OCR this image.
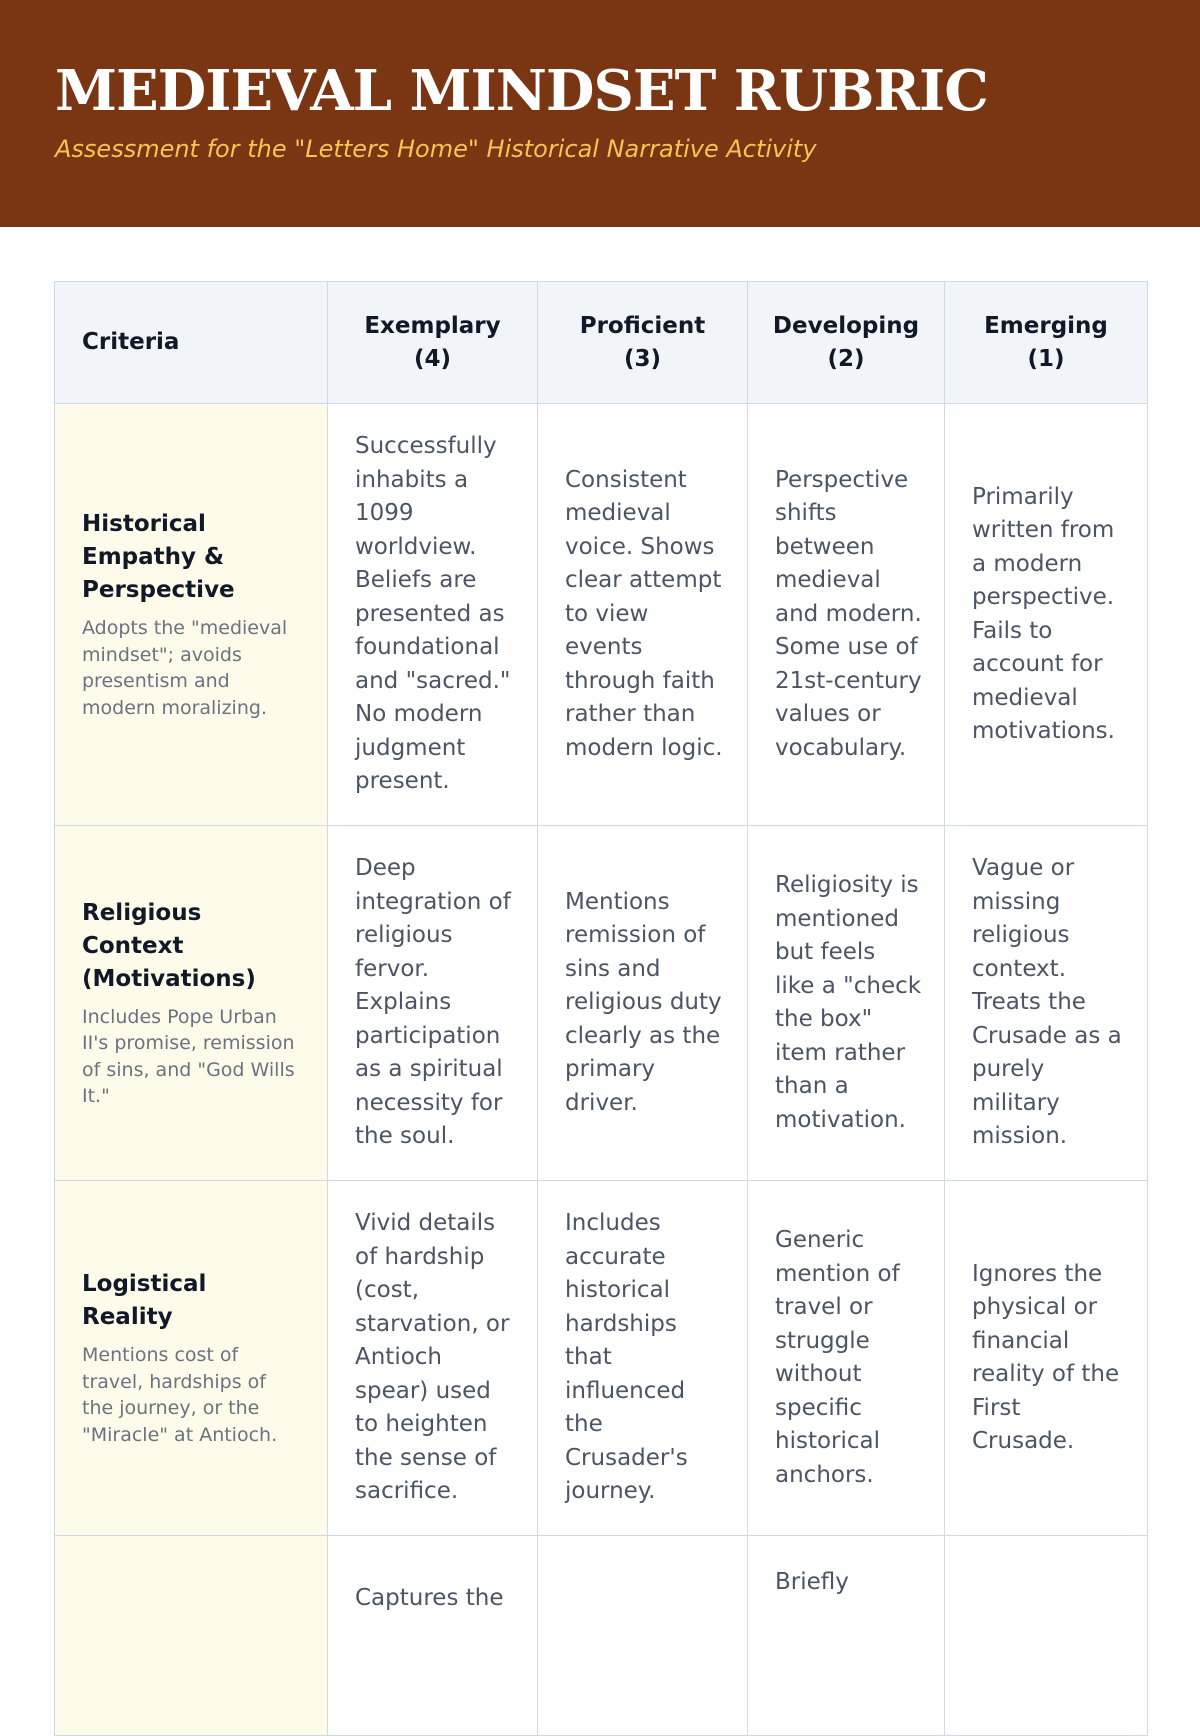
MEDIEVAL MINDSET RUBRIC
Assessment for the "Letters Home" Historical Narrative Activity
Criteria	Exemplary (4)	Proficient (3)	Developing (2)	Emerging (1)

Historical Empathy & Perspective
Adopts the "medieval mindset"; avoids presentism and modern moralizing.	Successfully inhabits a 1099 worldview. Beliefs are presented as foundational and "sacred." No modern judgment present.	Consistent medieval voice. Shows clear attempt to view events through faith rather than modern logic.	Perspective shifts between medieval and modern. Some use of 21st-century values or vocabulary.	Primarily written from a modern perspective. Fails to account for medieval motivations.

Religious Context (Motivations)
Includes Pope Urban II's promise, remission of sins, and "God Wills It."	Deep integration of religious fervor. Explains participation as a spiritual necessity for the soul.	Mentions remission of sins and religious duty clearly as the primary driver.	Religiosity is mentioned but feels like a "check the box" item rather than a motivation.	Vague or missing religious context. Treats the Crusade as a purely military mission.

Logistical Reality
Mentions cost of travel, hardships of the journey, or the "Miracle" at Antioch.	Vivid details of hardship (cost, starvation, or Antioch spear) used to heighten the sense of sacrifice.	Includes accurate historical hardships that influenced the Crusader's journey.	Generic mention of travel or struggle without specific historical anchors.	Ignores the physical or financial reality of the First Crusade.
	Captures the		Briefly	
